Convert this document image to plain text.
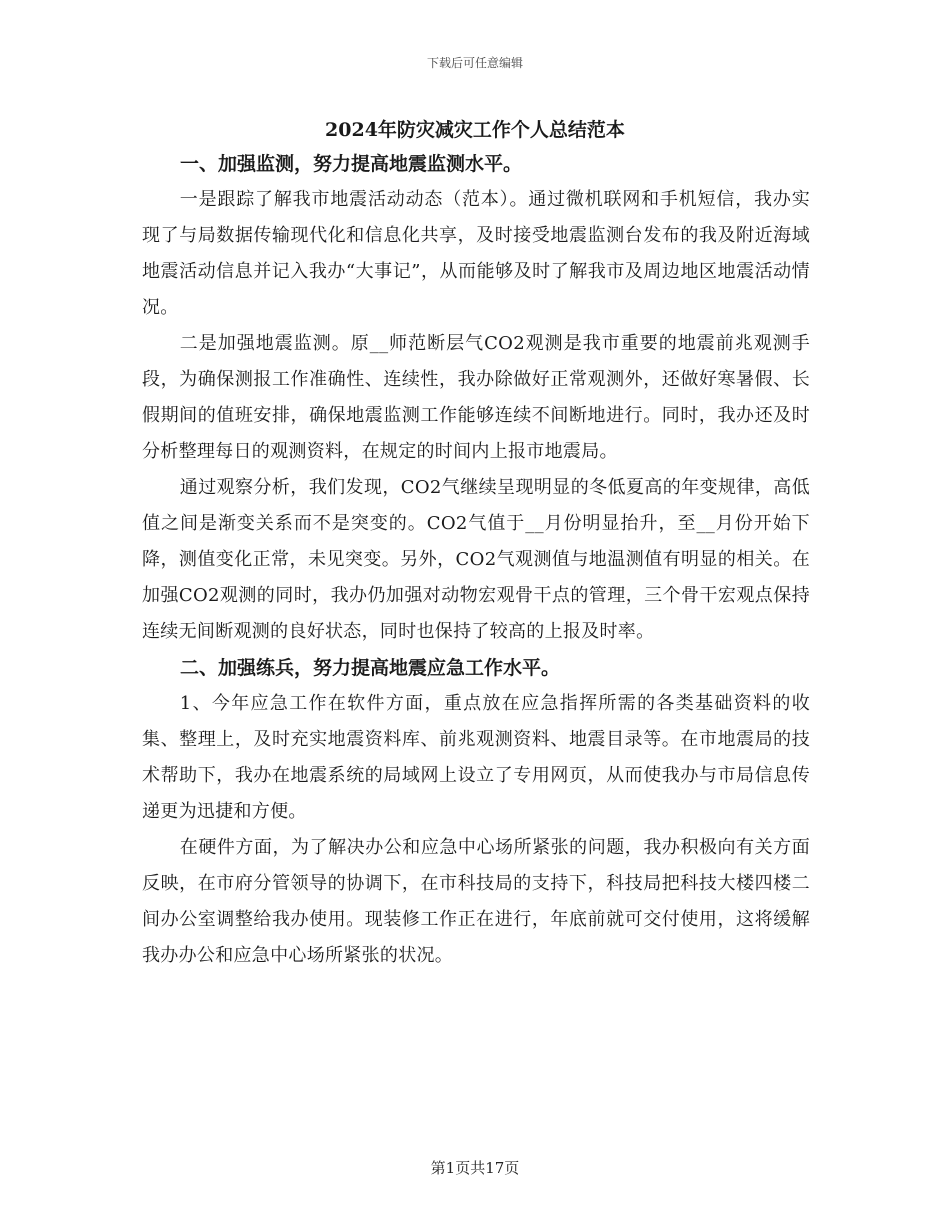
下载后可任意编辑
2024年防灾减灾工作个人总结范本
一、加强监测，努力提高地震监测水平。

一是跟踪了解我市地震活动动态（范本）。通过微机联网和手机短信，我办实现了与局数据传输现代化和信息化共享，及时接受地震监测台发布的我及附近海域地震活动信息并记入我办“大事记”，从而能够及时了解我市及周边地区地震活动情况。

二是加强地震监测。原__师范断层气CO2观测是我市重要的地震前兆观测手段，为确保测报工作准确性、连续性，我办除做好正常观测外，还做好寒暑假、长假期间的值班安排，确保地震监测工作能够连续不间断地进行。同时，我办还及时分析整理每日的观测资料，在规定的时间内上报市地震局。

通过观察分析，我们发现，CO2气继续呈现明显的冬低夏高的年变规律，高低值之间是渐变关系而不是突变的。CO2气值于__月份明显抬升，至__月份开始下降，测值变化正常，未见突变。另外，CO2气观测值与地温测值有明显的相关。在加强CO2观测的同时，我办仍加强对动物宏观骨干点的管理，三个骨干宏观点保持连续无间断观测的良好状态，同时也保持了较高的上报及时率。

二、加强练兵，努力提高地震应急工作水平。

1、今年应急工作在软件方面，重点放在应急指挥所需的各类基础资料的收集、整理上，及时充实地震资料库、前兆观测资料、地震目录等。在市地震局的技术帮助下，我办在地震系统的局域网上设立了专用网页，从而使我办与市局信息传递更为迅捷和方便。

在硬件方面，为了解决办公和应急中心场所紧张的问题，我办积极向有关方面反映，在市府分管领导的协调下，在市科技局的支持下，科技局把科技大楼四楼二间办公室调整给我办使用。现装修工作正在进行，年底前就可交付使用，这将缓解我办办公和应急中心场所紧张的状况。

第1页共17页
